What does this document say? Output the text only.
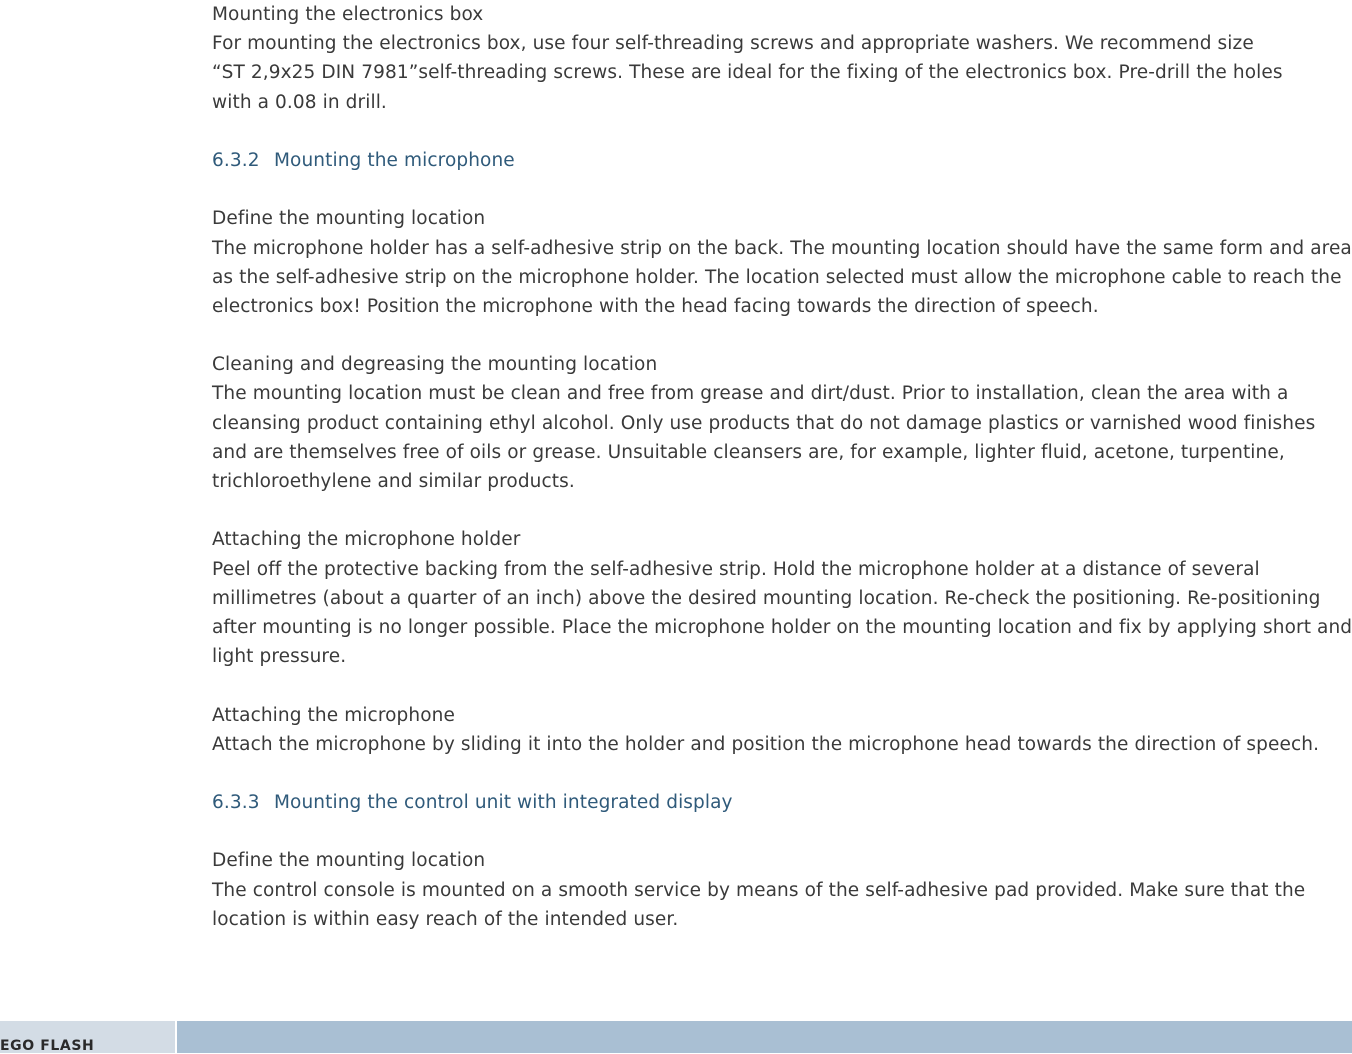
Mounting the electronics box
For mounting the electronics box, use four self-threading screws and appropriate washers. We recommend size
“ST 2,9x25 DIN 7981”self-threading screws. These are ideal for the fixing of the electronics box. Pre-drill the holes
with a 0.08 in drill.
6.3.2 Mounting the microphone
Define the mounting location
The microphone holder has a self-adhesive strip on the back. The mounting location should have the same form and area
as the self-adhesive strip on the microphone holder. The location selected must allow the microphone cable to reach the
electronics box! Position the microphone with the head facing towards the direction of speech.
Cleaning and degreasing the mounting location
The mounting location must be clean and free from grease and dirt/dust. Prior to installation, clean the area with a
cleansing product containing ethyl alcohol. Only use products that do not damage plastics or varnished wood finishes
and are themselves free of oils or grease. Unsuitable cleansers are, for example, lighter fluid, acetone, turpentine,
trichloroethylene and similar products.
Attaching the microphone holder
Peel off the protective backing from the self-adhesive strip. Hold the microphone holder at a distance of several
millimetres (about a quarter of an inch) above the desired mounting location. Re-check the positioning. Re-positioning
after mounting is no longer possible. Place the microphone holder on the mounting location and fix by applying short and
light pressure.
Attaching the microphone
Attach the microphone by sliding it into the holder and position the microphone head towards the direction of speech.
6.3.3 Mounting the control unit with integrated display
Define the mounting location
The control console is mounted on a smooth service by means of the self-adhesive pad provided. Make sure that the
location is within easy reach of the intended user.
EGO FLASH
